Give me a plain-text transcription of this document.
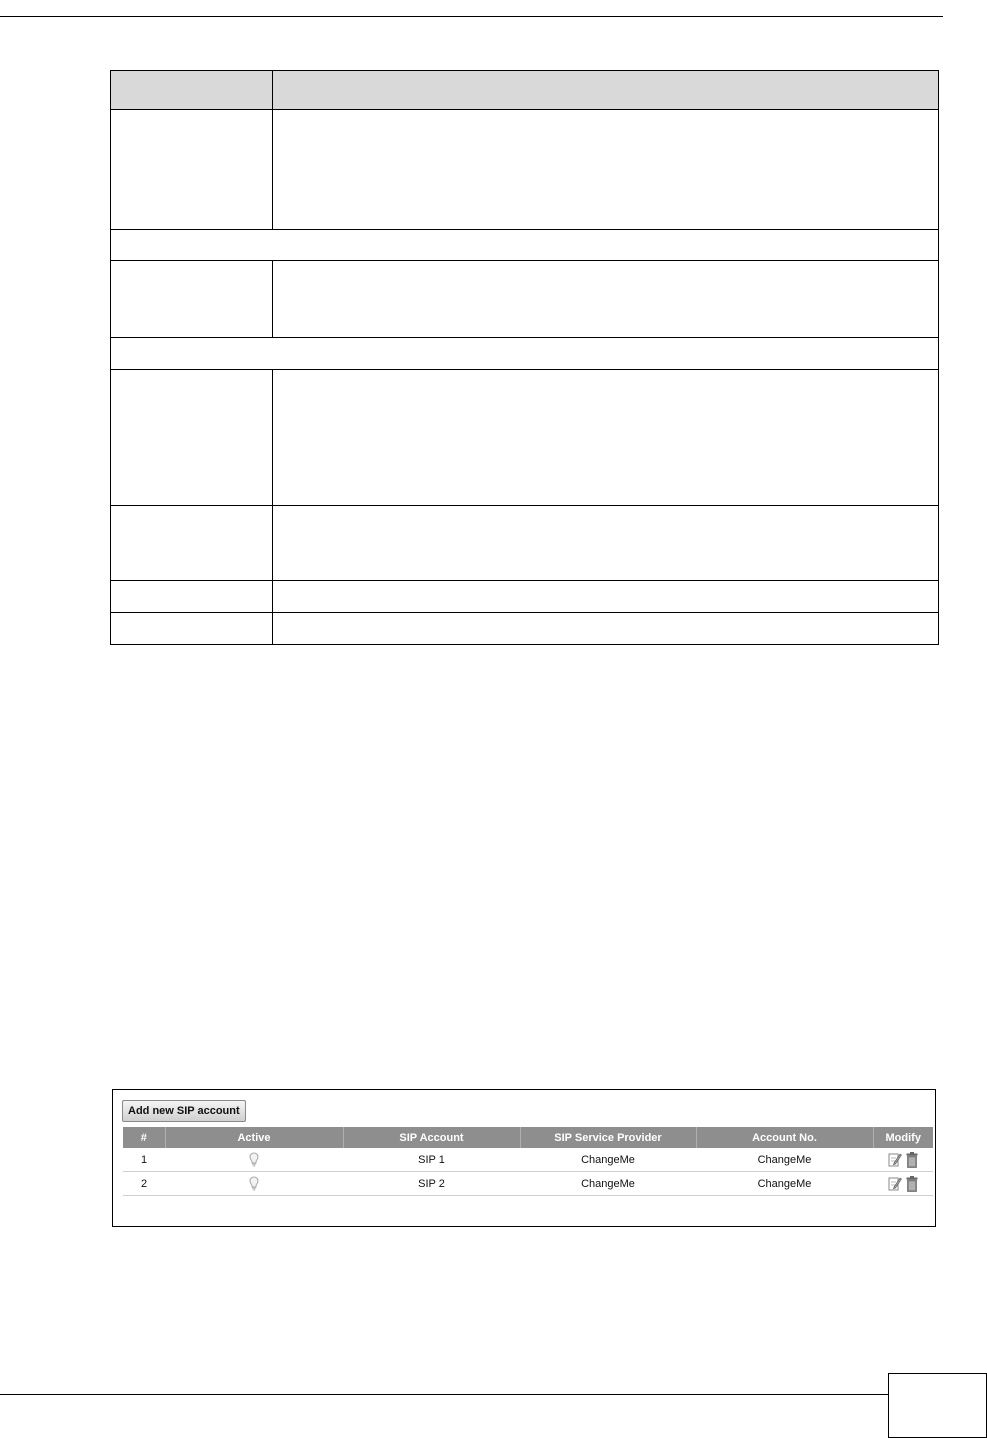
Add new SIP account
#	Active	SIP Account	SIP Service Provider	Account No.	Modify
1		SIP 1	ChangeMe	ChangeMe	
2		SIP 2	ChangeMe	ChangeMe	
